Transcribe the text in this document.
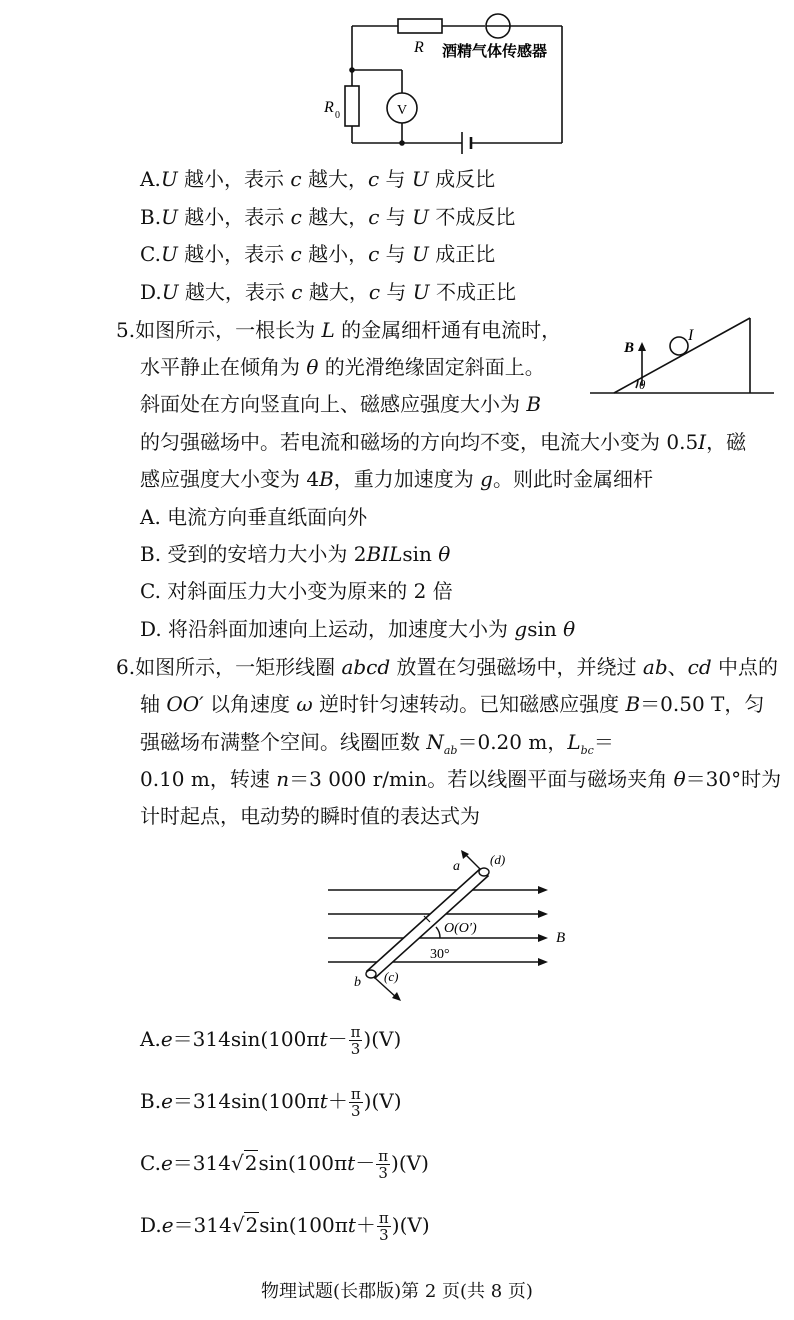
R
R 0	V
酒精气体传感器
A.U 越小，表示 c 越大，c 与 U 成反比
B.U 越小，表示 c 越大，c 与 U 不成反比
C.U 越小，表示 c 越小，c 与 U 成正比
D.U 越大，表示 c 越大，c 与 U 不成正比
5.如图所示，一根长为 L 的金属细杆通有电流时，
水平静止在倾角为 θ 的光滑绝缘固定斜面上。
斜面处在方向竖直向上、磁感应强度大小为 B
的匀强磁场中。若电流和磁场的方向均不变，电流大小变为 0.5I，磁
感应强度大小变为 4B，重力加速度为 g。则此时金属细杆
B
I
θ
A. 电流方向垂直纸面向外
B. 受到的安培力大小为 2BILsin θ
C. 对斜面压力大小变为原来的 2 倍
D. 将沿斜面加速向上运动，加速度大小为 gsin θ
6.如图所示，一矩形线圈 abcd 放置在匀强磁场中，并绕过 ab、cd 中点的
轴 OO′ 以角速度 ω 逆时针匀速转动。已知磁感应强度 B＝0.50 T，匀
强磁场布满整个空间。线圈匝数 $N_{ab}=0.20$ m，$L_{bc}=$
0.10 m，转速 n＝3 000 r/min。若以线圈平面与磁场夹角 θ＝30°时为
计时起点，电动势的瞬时值的表达式为
a (d)
b (c)
O(O′)
30°
B
$A.e=314\sin(100\pi t- \frac{\pi}{3} )(V)$
$B.e=314\sin(100\pi t+ \frac{\pi}{3} )(V)$
$C.e=314√2\sin(100\pi t- \frac{\pi}{3} )(V)$
$D.e=314√2\sin(100\pi t+ \frac{\pi}{3} )(V)$
物理试题(长郡版)第 2 页(共 8 页)
